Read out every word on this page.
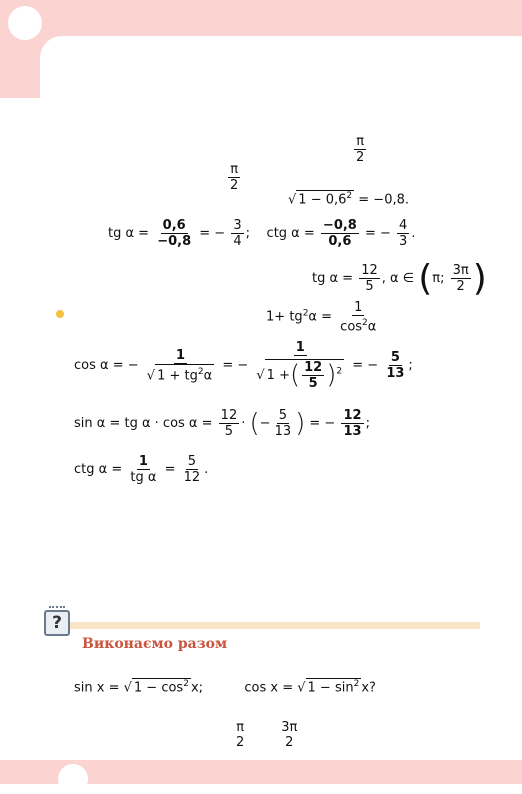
$\frac{\pi}{2}$
$\frac{\pi}{2}$
√ $1 - 0,6^2 = -0,8$.
tg $\alpha = \frac{0,6}{-0,8}$ = − $\frac{3}{4}$ ; ctg $\alpha = \frac{-0,8}{0,6}$ = − $\frac{4}{3}$ .
tg $\alpha = \frac{12}{5}$ , α ∈ (π; $\frac{3\pi}{2}$ )
$1+ tg^2\alpha = \frac{1}{\cos^2\alpha}$
cos α = − $\frac{1}{√ 1 + tg^2\alpha}$ = − $\frac{1}{√ 1 +( \frac{12}{5} )^2}$ = − $\frac{5}{13}$ ;
sin α = tg $\alpha \cdot \cos \alpha = \frac{12}{5}$ · (− $\frac{5}{13}$ ) = − $\frac{12}{13}$ ;
ctg $\alpha = \frac{1}{\text{tg α}} = \frac{5}{12}$ .
?
Виконаємо разом
sin x = √ $1 - \cos^2 x$;	cos x = √ $1 - \sin^2 x$?
π
2

3π
2
